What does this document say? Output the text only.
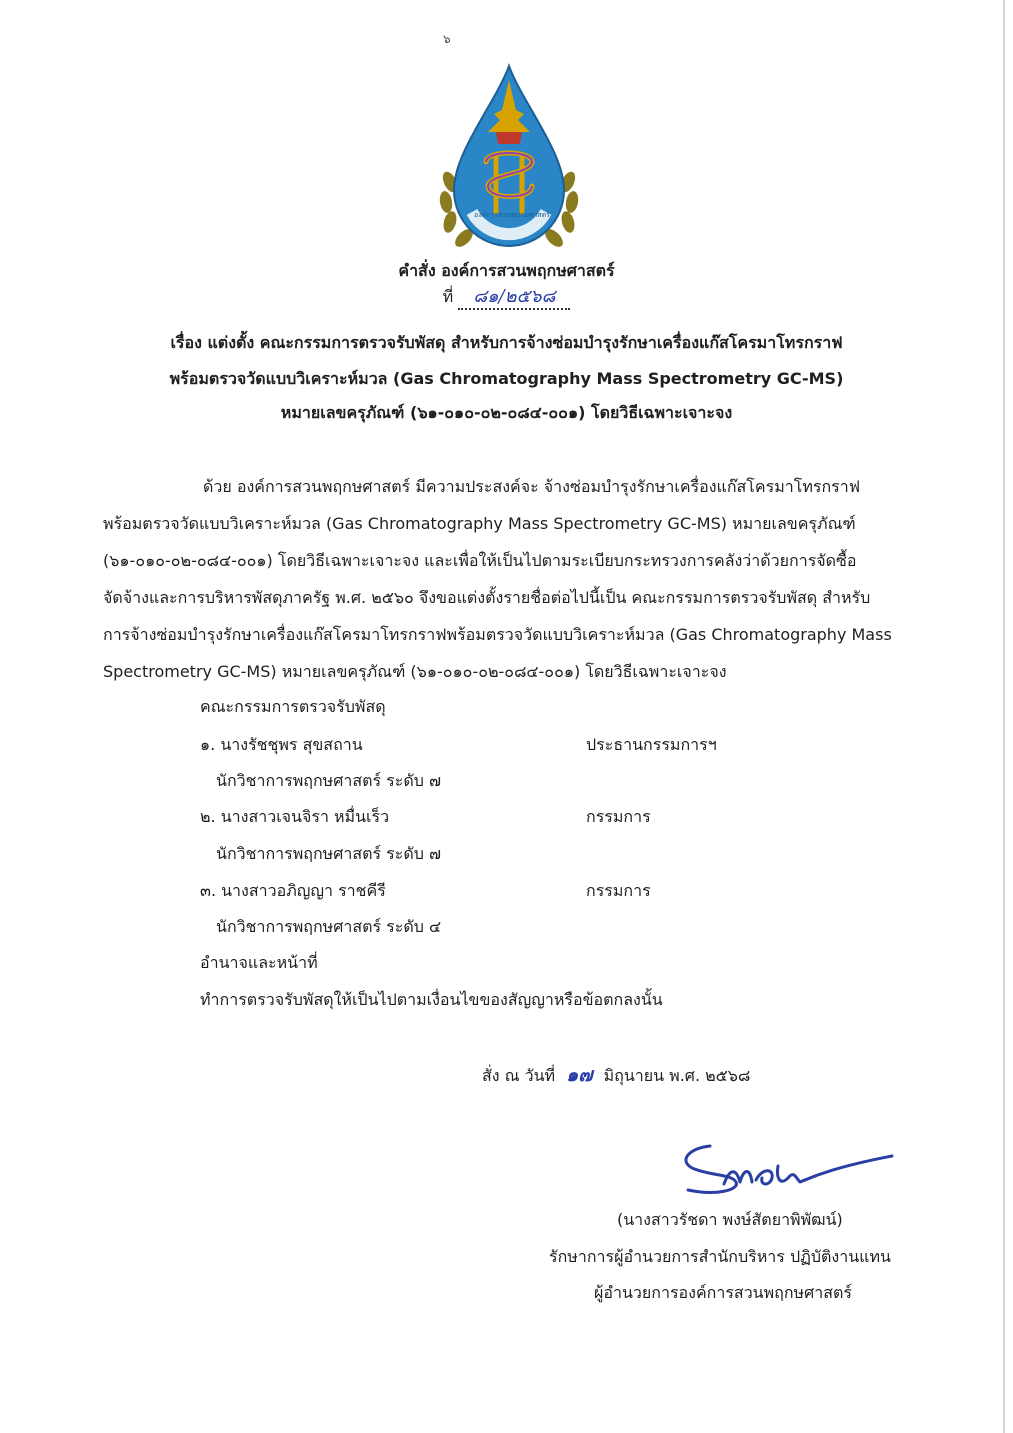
๖
องค์การสวนพฤกษศาสตร์
คำสั่ง องค์การสวนพฤกษศาสตร์
ที่ ๘๑/๒๕๖๘
เรื่อง แต่งตั้ง คณะกรรมการตรวจรับพัสดุ สำหรับการจ้างซ่อมบำรุงรักษาเครื่องแก๊สโครมาโทรกราฟ
พร้อมตรวจวัดแบบวิเคราะห์มวล (Gas Chromatography Mass Spectrometry GC-MS)
หมายเลขครุภัณฑ์ (๖๑-๐๑๐-๐๒-๐๘๔-๐๐๑) โดยวิธีเฉพาะเจาะจง
ด้วย องค์การสวนพฤกษศาสตร์ มีความประสงค์จะ จ้างซ่อมบำรุงรักษาเครื่องแก๊สโครมาโทรกราฟ
พร้อมตรวจวัดแบบวิเคราะห์มวล (Gas Chromatography Mass Spectrometry GC-MS) หมายเลขครุภัณฑ์
(๖๑-๐๑๐-๐๒-๐๘๔-๐๐๑) โดยวิธีเฉพาะเจาะจง และเพื่อให้เป็นไปตามระเบียบกระทรวงการคลังว่าด้วยการจัดซื้อ
จัดจ้างและการบริหารพัสดุภาครัฐ พ.ศ. ๒๕๖๐ จึงขอแต่งตั้งรายชื่อต่อไปนี้เป็น คณะกรรมการตรวจรับพัสดุ สำหรับ
การจ้างซ่อมบำรุงรักษาเครื่องแก๊สโครมาโทรกราฟพร้อมตรวจวัดแบบวิเคราะห์มวล (Gas Chromatography Mass
Spectrometry GC-MS) หมายเลขครุภัณฑ์ (๖๑-๐๑๐-๐๒-๐๘๔-๐๐๑) โดยวิธีเฉพาะเจาะจง
คณะกรรมการตรวจรับพัสดุ
๑. นางรัชชุพร สุขสถาน	ประธานกรรมการฯ
นักวิชาการพฤกษศาสตร์ ระดับ ๗
๒. นางสาวเจนจิรา หมื่นเร็ว	กรรมการ
นักวิชาการพฤกษศาสตร์ ระดับ ๗
๓. นางสาวอภิญญา ราชคีรี	กรรมการ
นักวิชาการพฤกษศาสตร์ ระดับ ๔
อำนาจและหน้าที่
ทำการตรวจรับพัสดุให้เป็นไปตามเงื่อนไขของสัญญาหรือข้อตกลงนั้น
สั่ง ณ วันที่ ๑๗ มิถุนายน พ.ศ. ๒๕๖๘
(นางสาวรัชดา พงษ์สัตยาพิพัฒน์)
รักษาการผู้อำนวยการสำนักบริหาร ปฏิบัติงานแทน
ผู้อำนวยการองค์การสวนพฤกษศาสตร์
